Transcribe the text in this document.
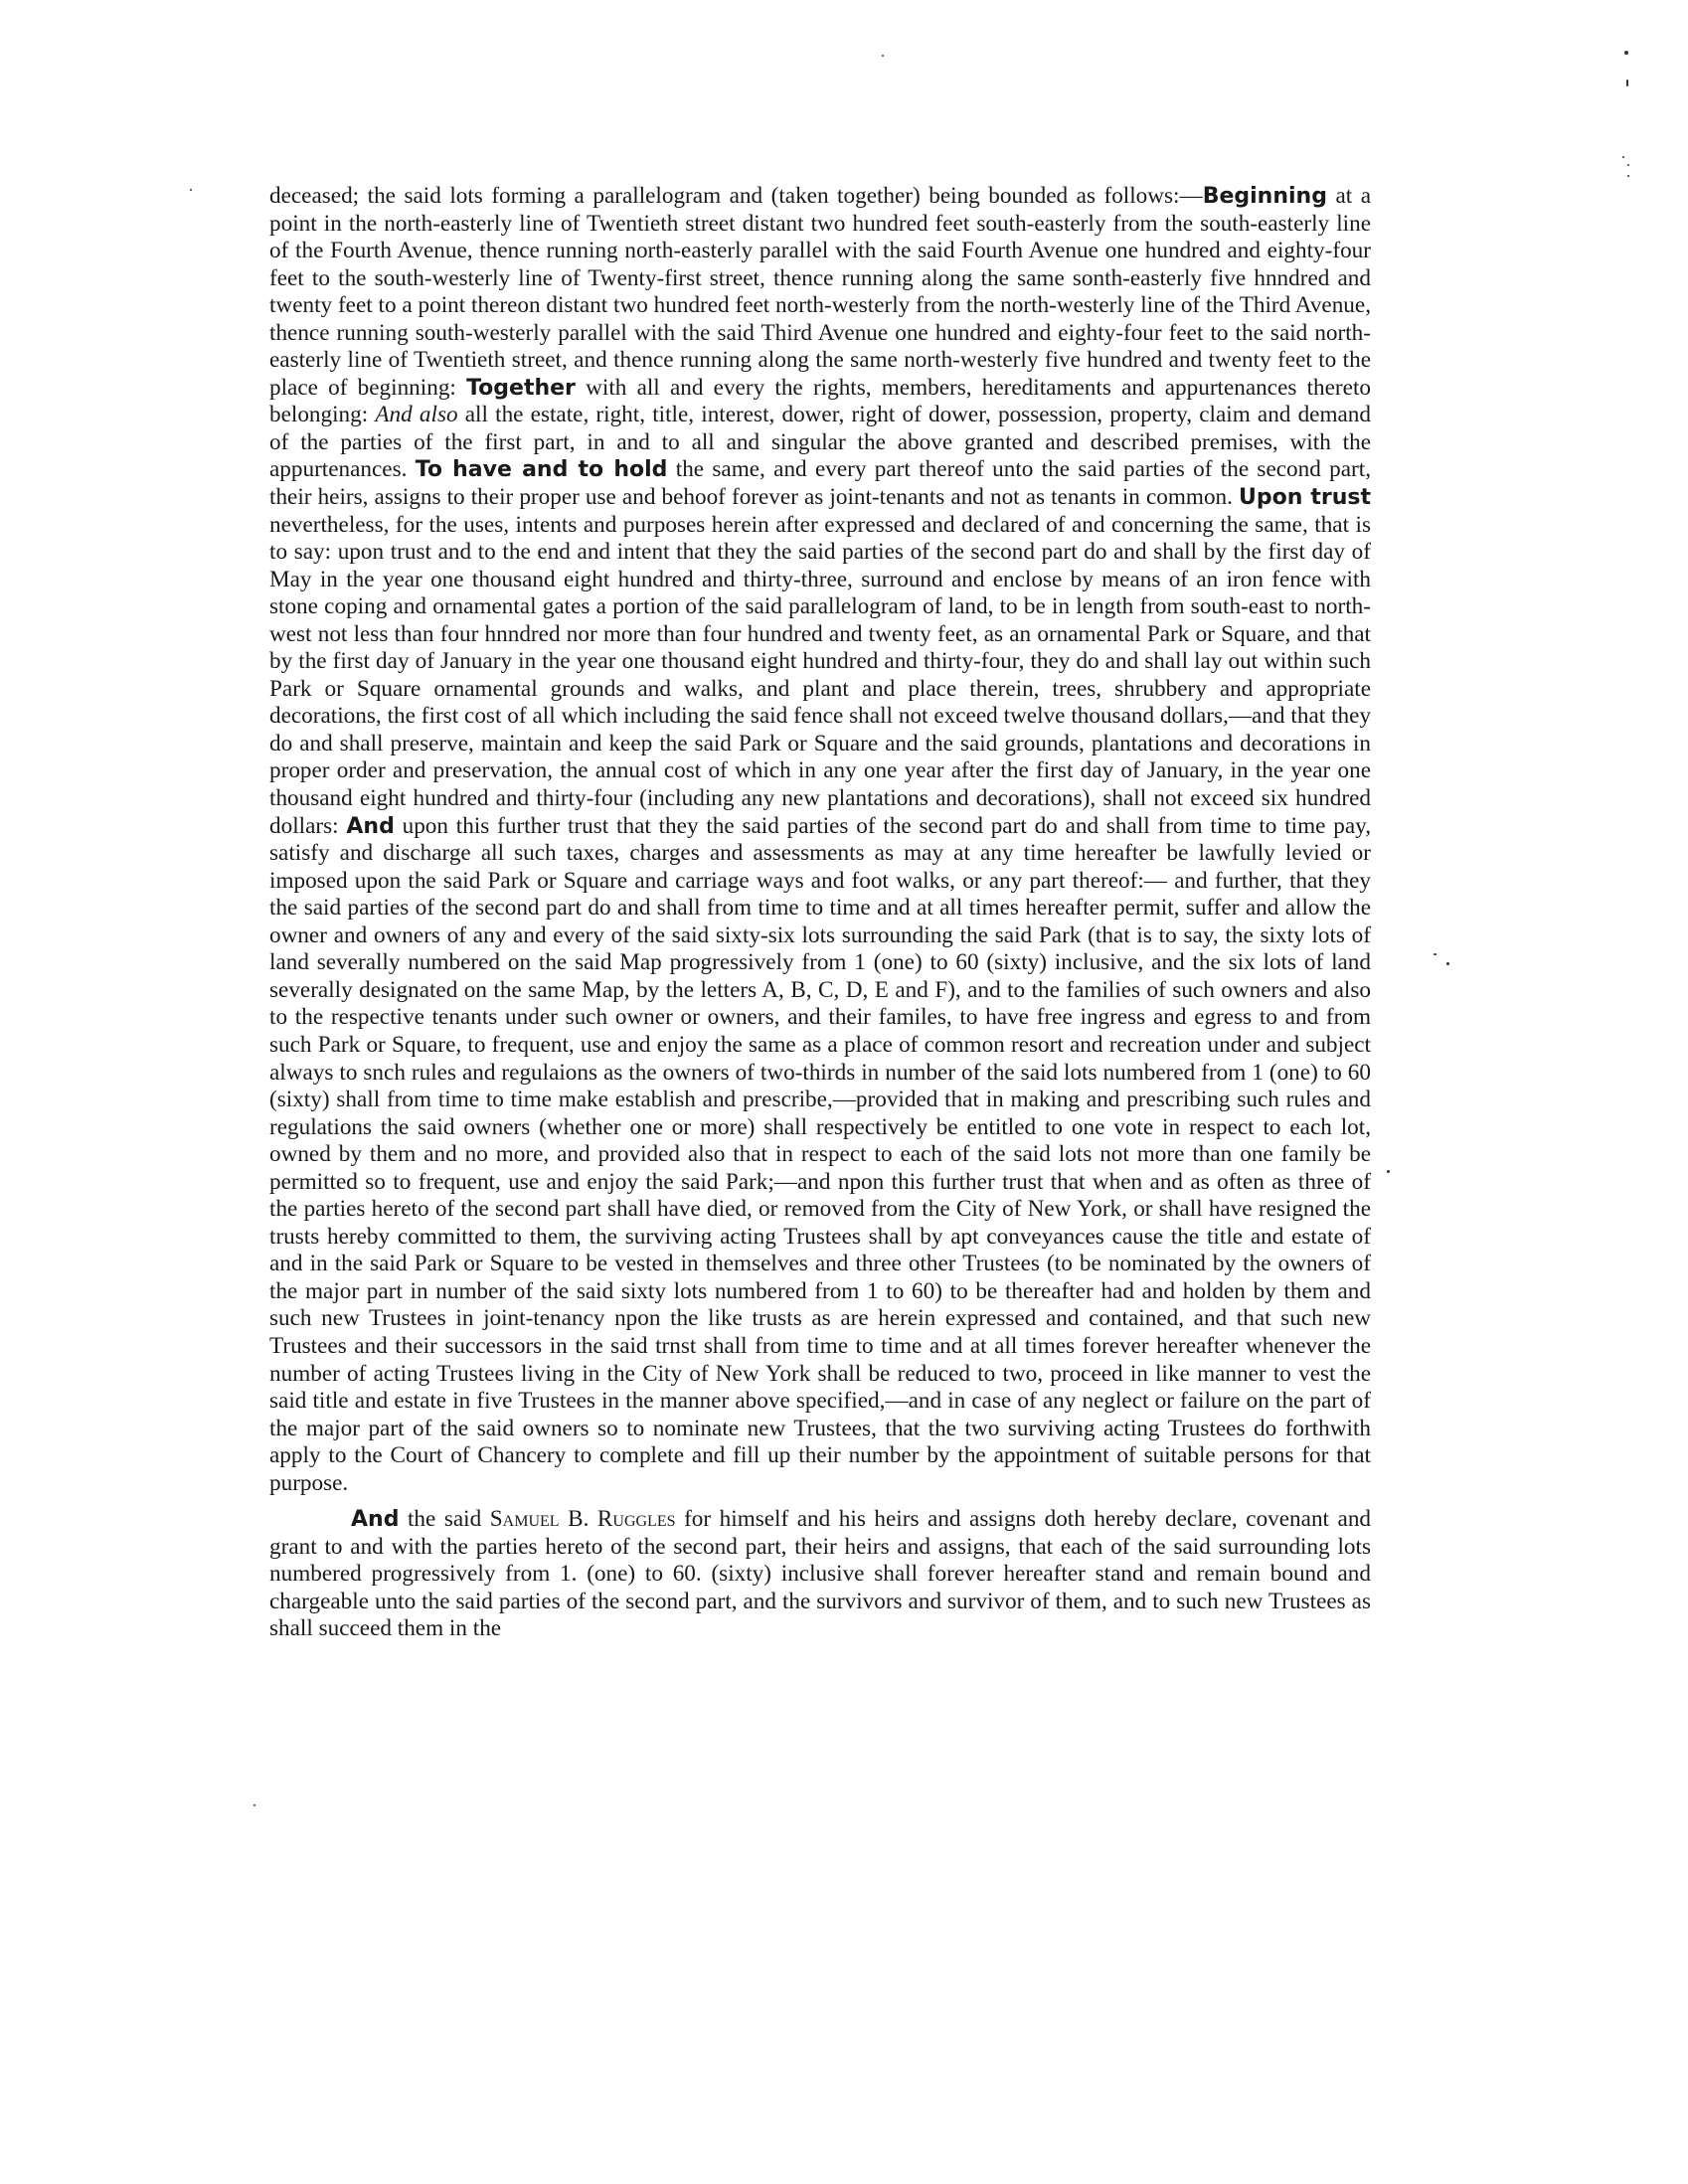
deceased; the said lots forming a parallelogram and (taken together) being bounded as follows:—Beginning at a point in the north-easterly line of Twentieth street distant two hundred feet south-easterly from the south-easterly line of the Fourth Avenue, thence running north-easterly parallel with the said Fourth Avenue one hundred and eighty-four feet to the south-westerly line of Twenty-first street, thence running along the same sonth-easterly five hnndred and twenty feet to a point thereon distant two hundred feet north-westerly from the north-westerly line of the Third Avenue, thence running south-westerly parallel with the said Third Avenue one hundred and eighty-four feet to the said north-easterly line of Twentieth street, and thence running along the same north-westerly five hundred and twenty feet to the place of beginning: Together with all and every the rights, members, hereditaments and appurtenances thereto belonging: And also all the estate, right, title, interest, dower, right of dower, possession, property, claim and demand of the parties of the first part, in and to all and singular the above granted and described premises, with the appurtenances. To have and to hold the same, and every part thereof unto the said parties of the second part, their heirs, assigns to their proper use and behoof forever as joint-tenants and not as tenants in common. Upon trust nevertheless, for the uses, intents and purposes herein after expressed and declared of and concerning the same, that is to say: upon trust and to the end and intent that they the said parties of the second part do and shall by the first day of May in the year one thousand eight hundred and thirty-three, surround and enclose by means of an iron fence with stone coping and ornamental gates a portion of the said parallelogram of land, to be in length from south-east to north-west not less than four hnndred nor more than four hundred and twenty feet, as an ornamental Park or Square, and that by the first day of January in the year one thousand eight hundred and thirty-four, they do and shall lay out within such Park or Square ornamental grounds and walks, and plant and place therein, trees, shrubbery and appropriate decorations, the first cost of all which including the said fence shall not exceed twelve thousand dollars,—and that they do and shall preserve, maintain and keep the said Park or Square and the said grounds, plantations and decorations in proper order and preservation, the annual cost of which in any one year after the first day of January, in the year one thousand eight hundred and thirty-four (including any new plantations and decorations), shall not exceed six hundred dollars: And upon this further trust that they the said parties of the second part do and shall from time to time pay, satisfy and discharge all such taxes, charges and assessments as may at any time hereafter be lawfully levied or imposed upon the said Park or Square and carriage ways and foot walks, or any part thereof:— and further, that they the said parties of the second part do and shall from time to time and at all times hereafter permit, suffer and allow the owner and owners of any and every of the said sixty-six lots surrounding the said Park (that is to say, the sixty lots of land severally numbered on the said Map progressively from 1 (one) to 60 (sixty) inclusive, and the six lots of land severally designated on the same Map, by the letters A, B, C, D, E and F), and to the families of such owners and also to the respective tenants under such owner or owners, and their familes, to have free ingress and egress to and from such Park or Square, to frequent, use and enjoy the same as a place of common resort and recreation under and subject always to snch rules and regulaions as the owners of two-thirds in number of the said lots numbered from 1 (one) to 60 (sixty) shall from time to time make establish and prescribe,—provided that in making and prescribing such rules and regulations the said owners (whether one or more) shall respectively be entitled to one vote in respect to each lot, owned by them and no more, and provided also that in respect to each of the said lots not more than one family be permitted so to frequent, use and enjoy the said Park;—and npon this further trust that when and as often as three of the parties hereto of the second part shall have died, or removed from the City of New York, or shall have resigned the trusts hereby committed to them, the surviving acting Trustees shall by apt conveyances cause the title and estate of and in the said Park or Square to be vested in themselves and three other Trustees (to be nominated by the owners of the major part in number of the said sixty lots numbered from 1 to 60) to be thereafter had and holden by them and such new Trustees in joint-tenancy npon the like trusts as are herein expressed and contained, and that such new Trustees and their successors in the said trnst shall from time to time and at all times forever hereafter whenever the number of acting Trustees living in the City of New York shall be reduced to two, proceed in like manner to vest the said title and estate in five Trustees in the manner above specified,—and in case of any neglect or failure on the part of the major part of the said owners so to nominate new Trustees, that the two surviving acting Trustees do forthwith apply to the Court of Chancery to complete and fill up their number by the appointment of suitable persons for that purpose.

And the said Samuel B. Ruggles for himself and his heirs and assigns doth hereby declare, covenant and grant to and with the parties hereto of the second part, their heirs and assigns, that each of the said surrounding lots numbered progressively from 1. (one) to 60. (sixty) inclusive shall forever hereafter stand and remain bound and chargeable unto the said parties of the second part, and the survivors and survivor of them, and to such new Trustees as shall succeed them in the
